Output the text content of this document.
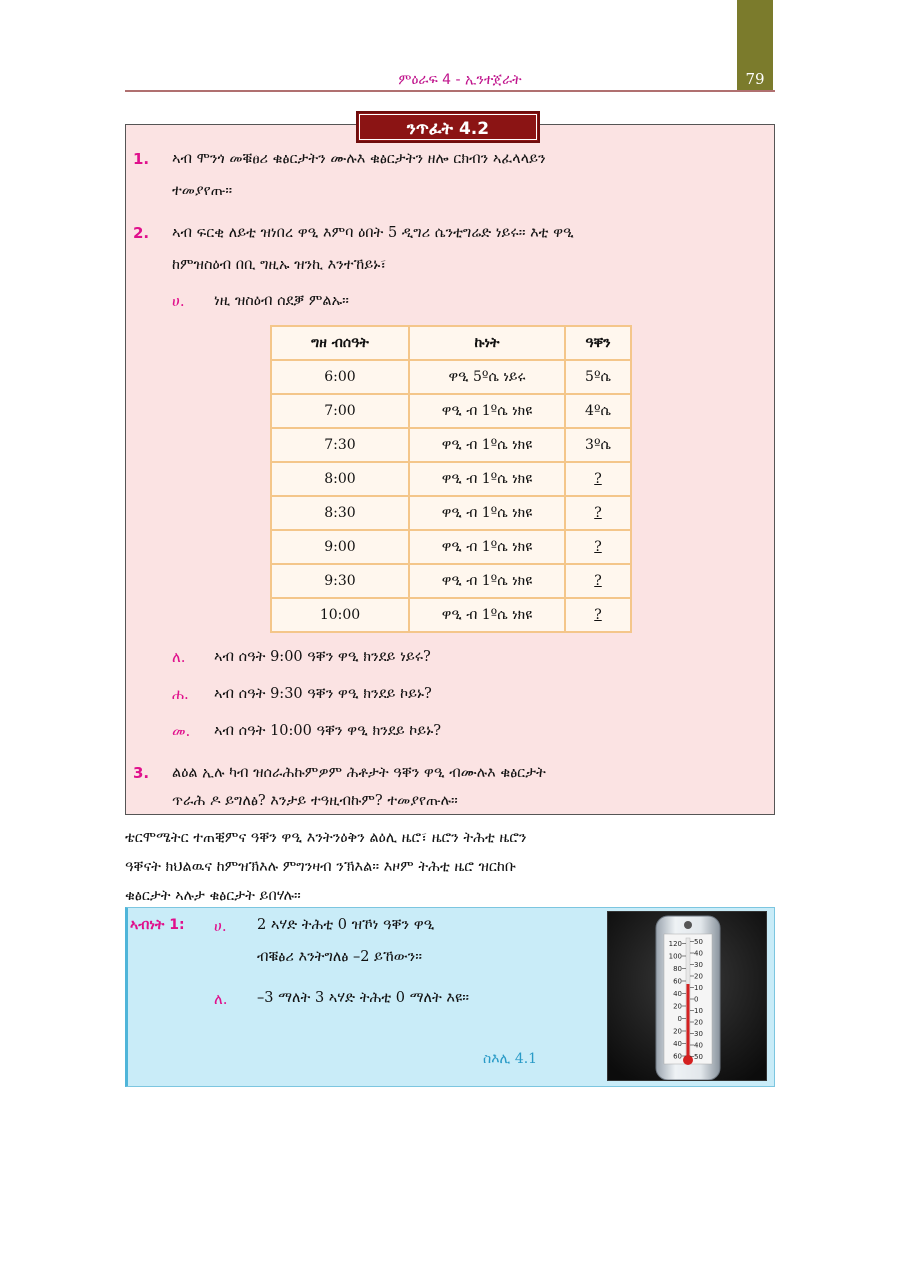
79
ምዕራፍ 4 - ኢንተጀራት
ንጥፈት 4.2
1. ኣብ ሞንጎ መቑፀሪ ቁፅርታትን ሙሉእ ቁፅርታትን ዘሎ ርክብን ኣፈላላይን
ተመያየጡ።
2. ኣብ ፍርቂ ለይቲ ዝነበረ ዋዒ እምባ ዕበት 5 ዲግሪ ሴንቲግሬድ ነይሩ። እቲ ዋዒ
ከምዝስዕብ በቢ ግዚኡ ዝንኪ እንተኸይኑ፣
ሀ. ነዚ ዝስዕብ ሰደቓ ምልኡ።
ግዘ ብሰዓት	ኩነት	ዓቐን
6:00	ዋዒ 5ºሴ ነይሩ	5ºሴ
7:00	ዋዒ ብ 1ºሴ ነክዩ	4ºሴ
7:30	ዋዒ ብ 1ºሴ ነክዩ	3ºሴ
8:00	ዋዒ ብ 1ºሴ ነክዩ	?
8:30	ዋዒ ብ 1ºሴ ነክዩ	?
9:00	ዋዒ ብ 1ºሴ ነክዩ	?
9:30	ዋዒ ብ 1ºሴ ነክዩ	?
10:00	ዋዒ ብ 1ºሴ ነክዩ	?
ለ. ኣብ ሰዓት 9:00 ዓቐን ዋዒ ክንደይ ነይሩ?
ሐ. ኣብ ሰዓት 9:30 ዓቐን ዋዒ ክንደይ ኮይኑ?
መ. ኣብ ሰዓት 10:00 ዓቐን ዋዒ ክንደይ ኮይኑ?
3. ልዕል ኢሉ ካብ ዝሰራሕኩምዎም ሕቶታት ዓቐን ዋዒ ብሙሉእ ቁፅርታት
ጥራሕ ዶ ይግለፅ? እንታይ ተዓዚብኩም? ተመያየጡሉ።
ቴርሞሜትር ተጠቒምና ዓቐን ዋዒ እንትንዕቅን ልዕሊ ዜሮ፣ ዜሮን ትሕቲ ዜሮን
ዓቐናት ክህልዉና ከምዝኽእሉ ምግንዛብ ንኽእል። እዞም ትሕቲ ዜሮ ዝርከቡ
ቁፅርታት ኣሉታ ቁፅርታት ይበሃሉ።
ኣብነት 1: ሀ. 2 ኣሃድ ትሕቲ 0 ዝኾነ ዓቐን ዋዒ
ብቑፅሪ እንትግለፅ –2 ይኸውን።
ለ. –3 ማለት 3 ኣሃድ ትሕቲ 0 ማለት እዩ።
ስእሊ 4.1
120
100
80
60
40
20
0
20
40
60
50
40
30
20
10
0
10
20
30
40
50
